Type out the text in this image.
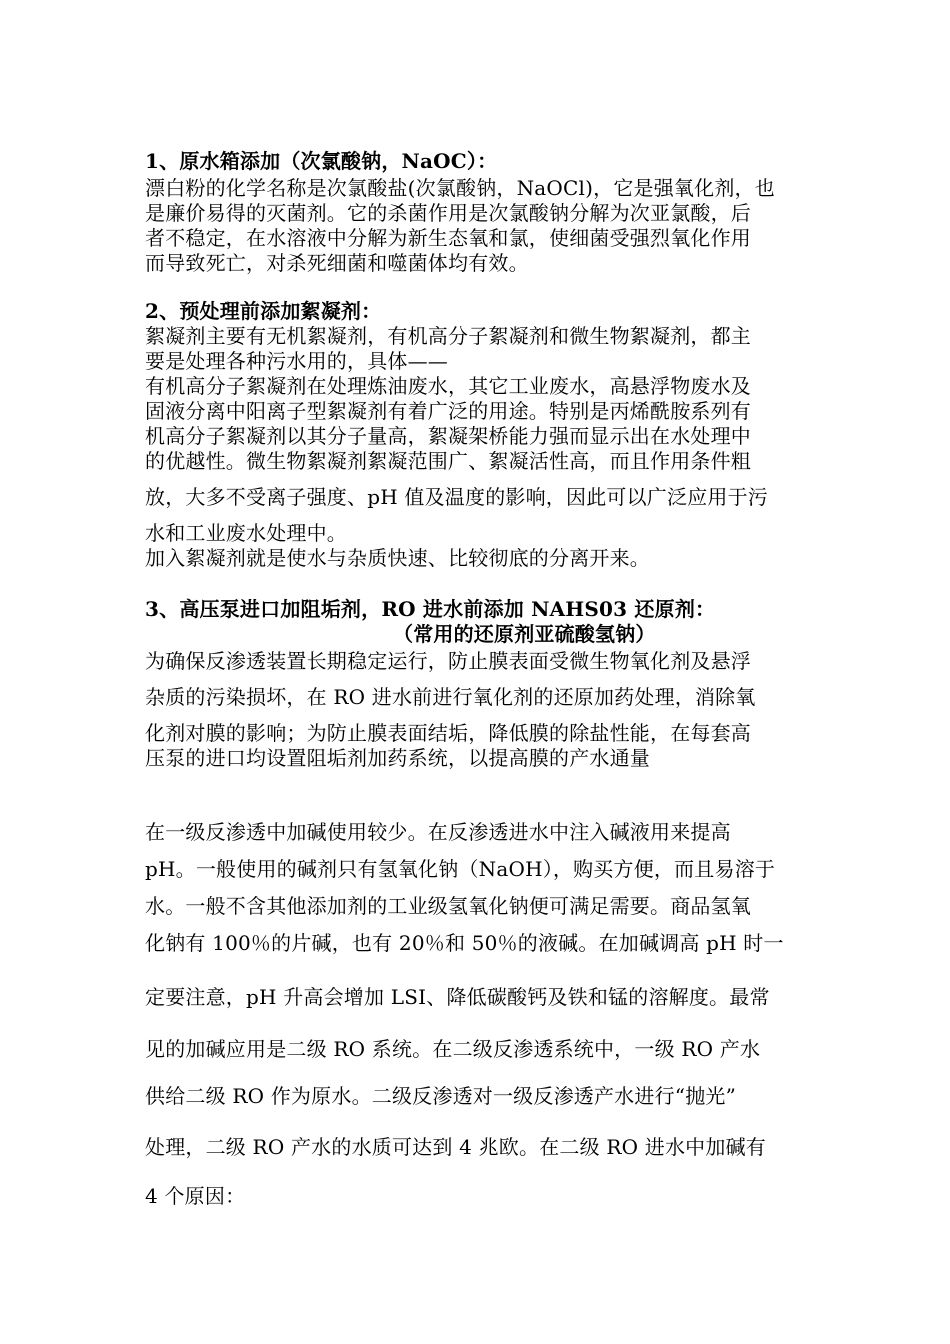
1、原水箱添加（次氯酸钠，NaOC）：
漂白粉的化学名称是次氯酸盐(次氯酸钠，NaOCl)，它是强氧化剂，也
是廉价易得的灭菌剂。它的杀菌作用是次氯酸钠分解为次亚氯酸，后
者不稳定，在水溶液中分解为新生态氧和氯，使细菌受强烈氧化作用
而导致死亡，对杀死细菌和噬菌体均有效。
2、预处理前添加絮凝剂：
絮凝剂主要有无机絮凝剂，有机高分子絮凝剂和微生物絮凝剂，都主
要是处理各种污水用的，具体——
有机高分子絮凝剂在处理炼油废水，其它工业废水，高悬浮物废水及
固液分离中阳离子型絮凝剂有着广泛的用途。特别是丙烯酰胺系列有
机高分子絮凝剂以其分子量高，絮凝架桥能力强而显示出在水处理中
的优越性。微生物絮凝剂絮凝范围广、絮凝活性高，而且作用条件粗
放，大多不受离子强度、pH 值及温度的影响，因此可以广泛应用于污
水和工业废水处理中。
加入絮凝剂就是使水与杂质快速、比较彻底的分离开来。
3、高压泵进口加阻垢剂，RO 进水前添加 NAHS03 还原剂：
（常用的还原剂亚硫酸氢钠）
为确保反渗透装置长期稳定运行，防止膜表面受微生物氧化剂及悬浮
杂质的污染损坏，在 RO 进水前进行氧化剂的还原加药处理，消除氧
化剂对膜的影响；为防止膜表面结垢，降低膜的除盐性能，在每套高
压泵的进口均设置阻垢剂加药系统，以提高膜的产水通量
在一级反渗透中加碱使用较少。在反渗透进水中注入碱液用来提高
pH。一般使用的碱剂只有氢氧化钠（NaOH），购买方便，而且易溶于
水。一般不含其他添加剂的工业级氢氧化钠便可满足需要。商品氢氧
化钠有 100％的片碱，也有 20％和 50％的液碱。在加碱调高 pH 时一
定要注意，pH 升高会增加 LSI、降低碳酸钙及铁和锰的溶解度。最常
见的加碱应用是二级 RO 系统。在二级反渗透系统中，一级 RO 产水
供给二级 RO 作为原水。二级反渗透对一级反渗透产水进行“抛光”
处理，二级 RO 产水的水质可达到 4 兆欧。在二级 RO 进水中加碱有
4 个原因：
